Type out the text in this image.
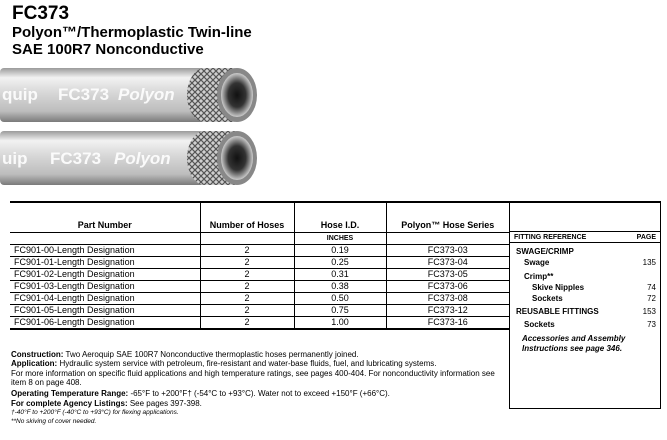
FC373
Polyon™/Thermoplastic Twin-line
SAE 100R7 Nonconductive
quip FC373 Polyon
uip FC373 Polyon
Part Number	Number of Hoses	Hose I.D.	Polyon™ Hose Series
		INCHES	
FC901-00-Length Designation	2	0.19	FC373-03
FC901-01-Length Designation	2	0.25	FC373-04
FC901-02-Length Designation	2	0.31	FC373-05
FC901-03-Length Designation	2	0.38	FC373-06
FC901-04-Length Designation	2	0.50	FC373-08
FC901-05-Length Designation	2	0.75	FC373-12
FC901-06-Length Designation	2	1.00	FC373-16
FITTING REFERENCE	PAGE
SWAGE/CRIMP
Swage	135
Crimp**
Skive Nipples	74
Sockets	72
REUSABLE FITTINGS	153
Sockets	73
Accessories and Assembly Instructions see page 346.

Construction: Two Aeroquip SAE 100R7 Nonconductive thermoplastic hoses permanently joined.

Application: Hydraulic system service with petroleum, fire-resistant and water-base fluids, fuel, and lubricating systems.

For more information on specific fluid applications and high temperature ratings, see pages 400-404. For nonconductivity information see item 8 on page 408.

Operating Temperature Range: -65°F to +200°F† (-54°C to +93°C). Water not to exceed +150°F (+66°C).

For complete Agency Listings: See pages 397-398.

†-40°F to +200°F (-40°C to +93°C) for flexing applications.

**No skiving of cover needed.
